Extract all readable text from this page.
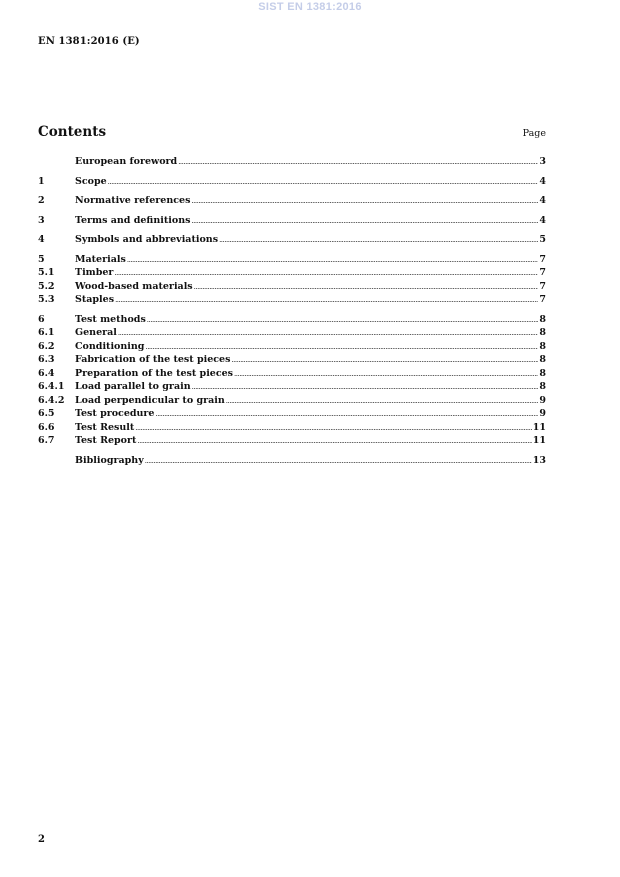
SIST EN 1381:2016
EN 1381:2016 (E)
Contents	Page
European foreword .....	3
1	Scope .....	4
2	Normative references .....	4
3	Terms and definitions .....	4
4	Symbols and abbreviations .....	5
5	Materials .....	7
5.1	Timber .....	7
5.2	Wood-based materials .....	7
5.3	Staples .....	7
6	Test methods .....	8
6.1	General .....	8
6.2	Conditioning .....	8
6.3	Fabrication of the test pieces .....	8
6.4	Preparation of the test pieces .....	8
6.4.1	Load parallel to grain .....	8
6.4.2	Load perpendicular to grain .....	9
6.5	Test procedure .....	9
6.6	Test Result .....	11
6.7	Test Report .....	11
Bibliography .....	13
2
